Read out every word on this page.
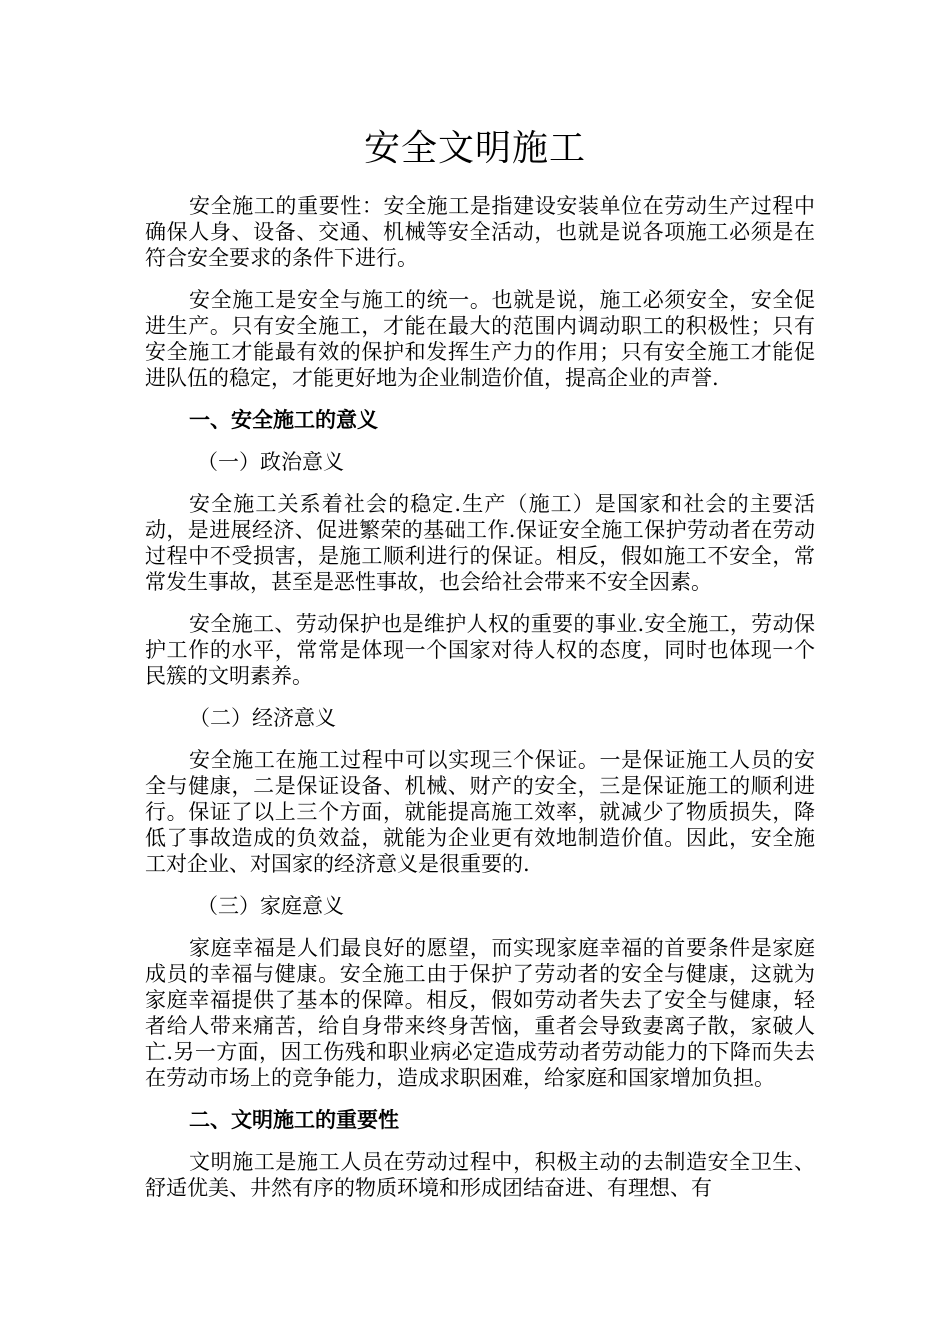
安全文明施工

安全施工的重要性：安全施工是指建设安装单位在劳动生产过程中确保人身、设备、交通、机械等安全活动，也就是说各项施工必须是在符合安全要求的条件下进行。

安全施工是安全与施工的统一。也就是说，施工必须安全，安全促进生产。只有安全施工，才能在最大的范围内调动职工的积极性；只有安全施工才能最有效的保护和发挥生产力的作用；只有安全施工才能促进队伍的稳定，才能更好地为企业制造价值，提高企业的声誉.

一、安全施工的意义

（一）政治意义

安全施工关系着社会的稳定.生产（施工）是国家和社会的主要活动，是进展经济、促进繁荣的基础工作.保证安全施工保护劳动者在劳动过程中不受损害，是施工顺利进行的保证。相反，假如施工不安全，常常发生事故，甚至是恶性事故，也会给社会带来不安全因素。

安全施工、劳动保护也是维护人权的重要的事业.安全施工，劳动保护工作的水平，常常是体现一个国家对待人权的态度，同时也体现一个民簇的文明素养。

（二）经济意义

安全施工在施工过程中可以实现三个保证。一是保证施工人员的安全与健康，二是保证设备、机械、财产的安全，三是保证施工的顺利进行。保证了以上三个方面，就能提高施工效率，就减少了物质损失，降低了事故造成的负效益，就能为企业更有效地制造价值。因此，安全施工对企业、对国家的经济意义是很重要的.

（三）家庭意义

家庭幸福是人们最良好的愿望，而实现家庭幸福的首要条件是家庭成员的幸福与健康。安全施工由于保护了劳动者的安全与健康，这就为家庭幸福提供了基本的保障。相反，假如劳动者失去了安全与健康，轻者给人带来痛苦，给自身带来终身苦恼，重者会导致妻离子散，家破人亡.另一方面，因工伤残和职业病必定造成劳动者劳动能力的下降而失去在劳动市场上的竞争能力，造成求职困难，给家庭和国家增加负担。

二、文明施工的重要性

文明施工是施工人员在劳动过程中，积极主动的去制造安全卫生、舒适优美、井然有序的物质环境和形成团结奋进、有理想、有
